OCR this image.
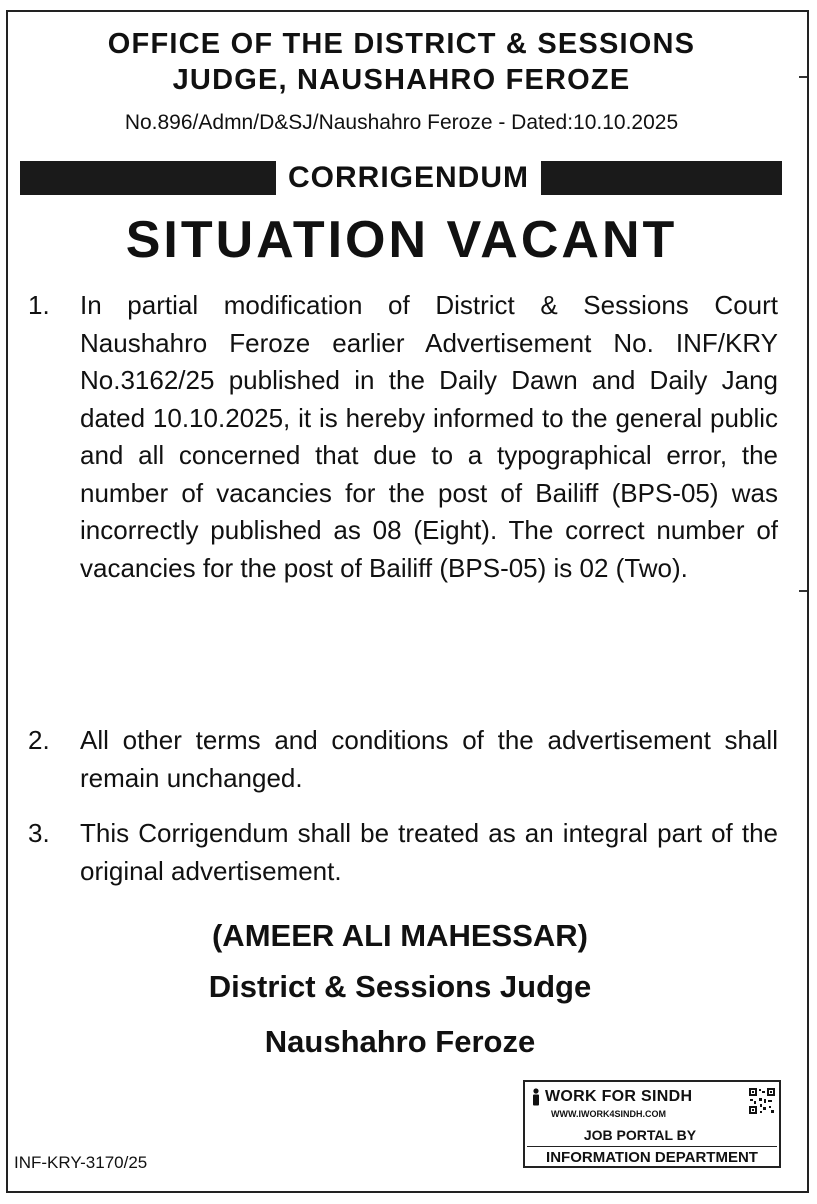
OFFICE OF THE DISTRICT & SESSIONS
JUDGE, NAUSHAHRO FEROZE
No.896/Admn/D&SJ/Naushahro Feroze - Dated:10.10.2025
CORRIGENDUM
SITUATION VACANT
1.	In partial modification of District & Sessions Court Naushahro Feroze earlier Advertisement No. INF/KRY No.3162/25 published in the Daily Dawn and Daily Jang dated 10.10.2025, it is hereby informed to the general public and all concerned that due to a typographical error, the number of vacancies for the post of Bailiff (BPS-05) was incorrectly published as 08 (Eight). The correct number of vacancies for the post of Bailiff (BPS-05) is 02 (Two).
2.	All other terms and conditions of the advertisement shall remain unchanged.
3.	This Corrigendum shall be treated as an integral part of the original advertisement.
(AMEER ALI MAHESSAR)
District & Sessions Judge
Naushahro Feroze
INF-KRY-3170/25
WORK FOR SINDH
WWW.IWORK4SINDH.COM
JOB PORTAL BY
INFORMATION DEPARTMENT
